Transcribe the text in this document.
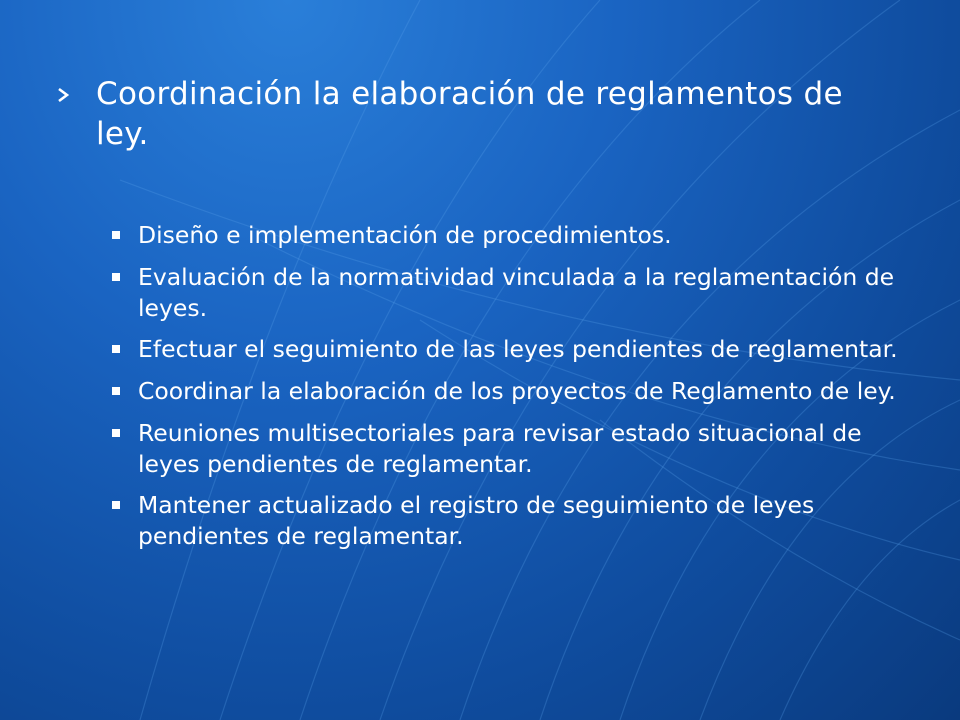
Coordinación la elaboración de reglamentos de ley.
Diseño e implementación de procedimientos.
Evaluación de la normatividad vinculada a la reglamentación de leyes.
Efectuar el seguimiento de las leyes pendientes de reglamentar.
Coordinar la elaboración de los proyectos de Reglamento de ley.
Reuniones multisectoriales para revisar estado situacional de leyes pendientes de reglamentar.
Mantener actualizado el registro de seguimiento de leyes pendientes de reglamentar.
